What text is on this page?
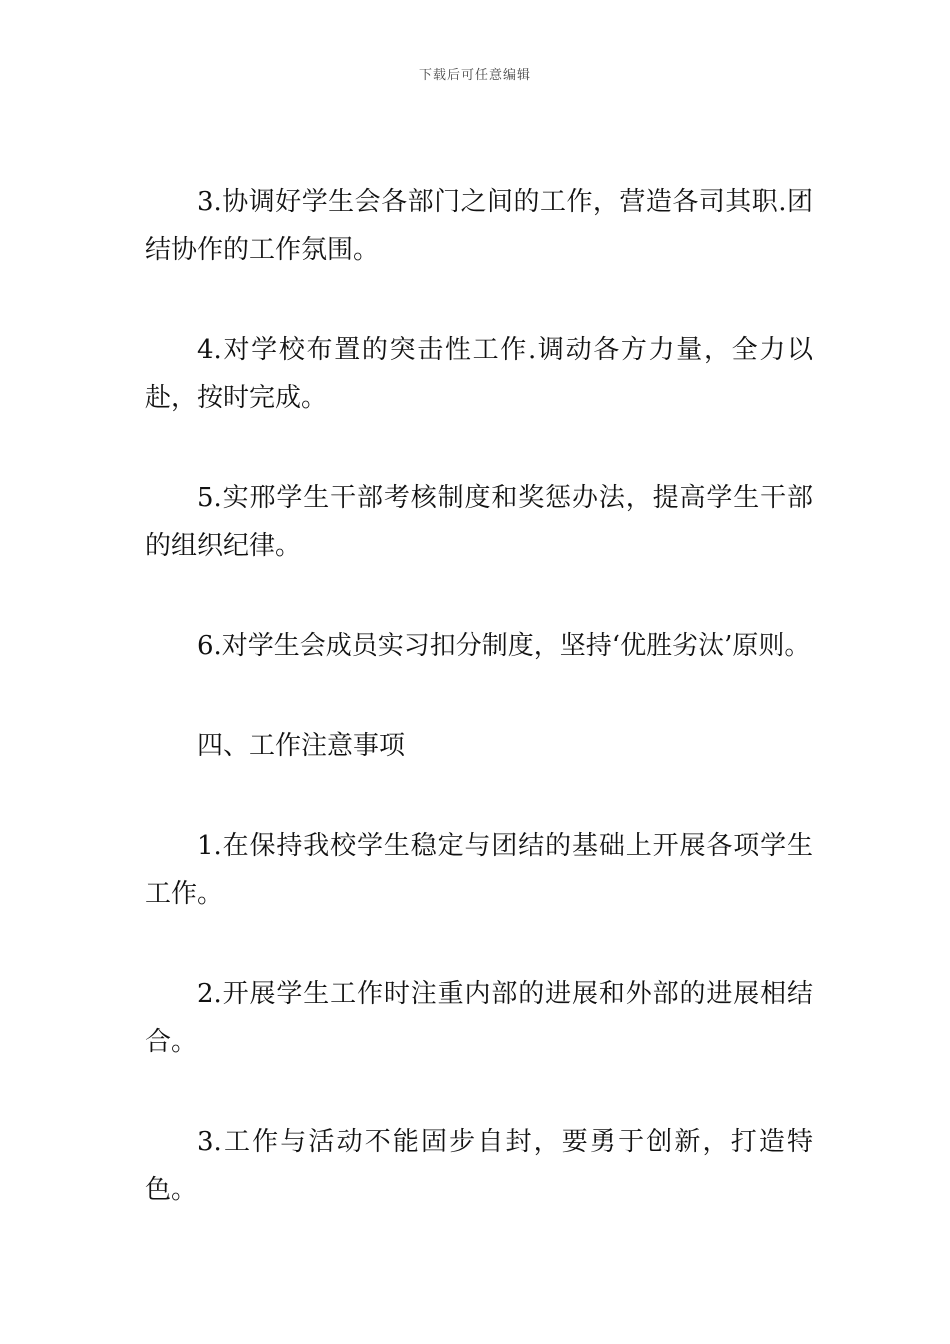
下载后可任意编辑

3.协调好学生会各部门之间的工作，营造各司其职.团结协作的工作氛围。

4.对学校布置的突击性工作.调动各方力量，全力以赴，按时完成。

5.实邢学生干部考核制度和奖惩办法，提高学生干部的组织纪律。

6.对学生会成员实习扣分制度，坚持‘优胜劣汰’原则。

四、工作注意事项

1.在保持我校学生稳定与团结的基础上开展各项学生工作。

2.开展学生工作时注重内部的进展和外部的进展相结合。

3.工作与活动不能固步自封，要勇于创新，打造特色。
